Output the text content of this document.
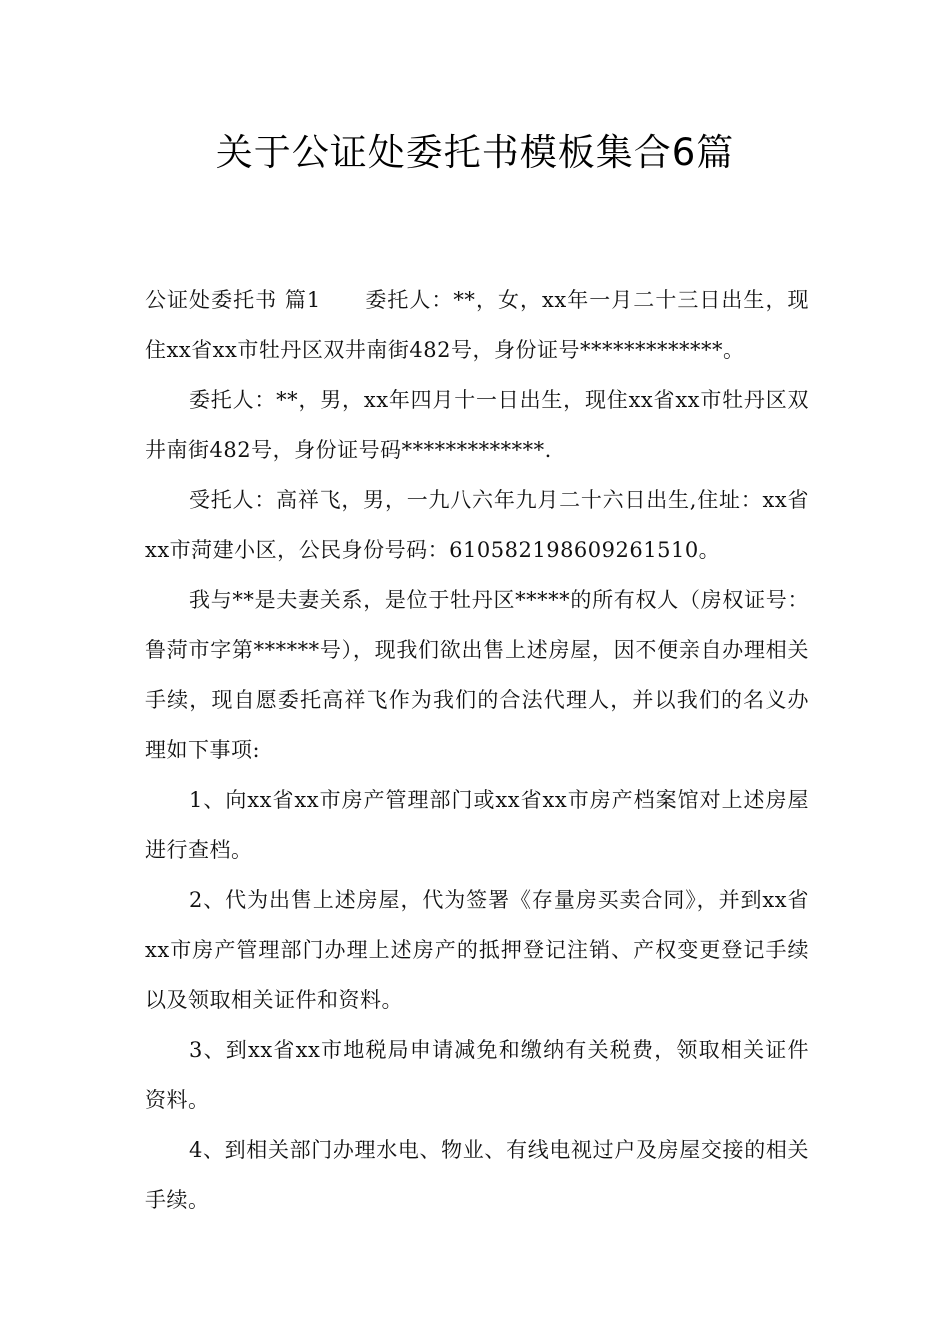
关于公证处委托书模板集合6篇

公证处委托书 篇1　　委托人：**，女，xx年一月二十三日出生，现住xx省xx市牡丹区双井南街482号，身份证号*************。

委托人：**，男，xx年四月十一日出生，现住xx省xx市牡丹区双井南街482号，身份证号码*************.

受托人：高祥飞，男，一九八六年九月二十六日出生,住址：xx省xx市菏建小区，公民身份号码：610582198609261510。

我与**是夫妻关系，是位于牡丹区*****的所有权人（房权证号：鲁菏市字第******号），现我们欲出售上述房屋，因不便亲自办理相关手续，现自愿委托高祥飞作为我们的合法代理人，并以我们的名义办理如下事项:

1、向xx省xx市房产管理部门或xx省xx市房产档案馆对上述房屋进行查档。

2、代为出售上述房屋，代为签署《存量房买卖合同》，并到xx省xx市房产管理部门办理上述房产的抵押登记注销、产权变更登记手续以及领取相关证件和资料。

3、到xx省xx市地税局申请减免和缴纳有关税费，领取相关证件资料。

4、到相关部门办理水电、物业、有线电视过户及房屋交接的相关手续。
